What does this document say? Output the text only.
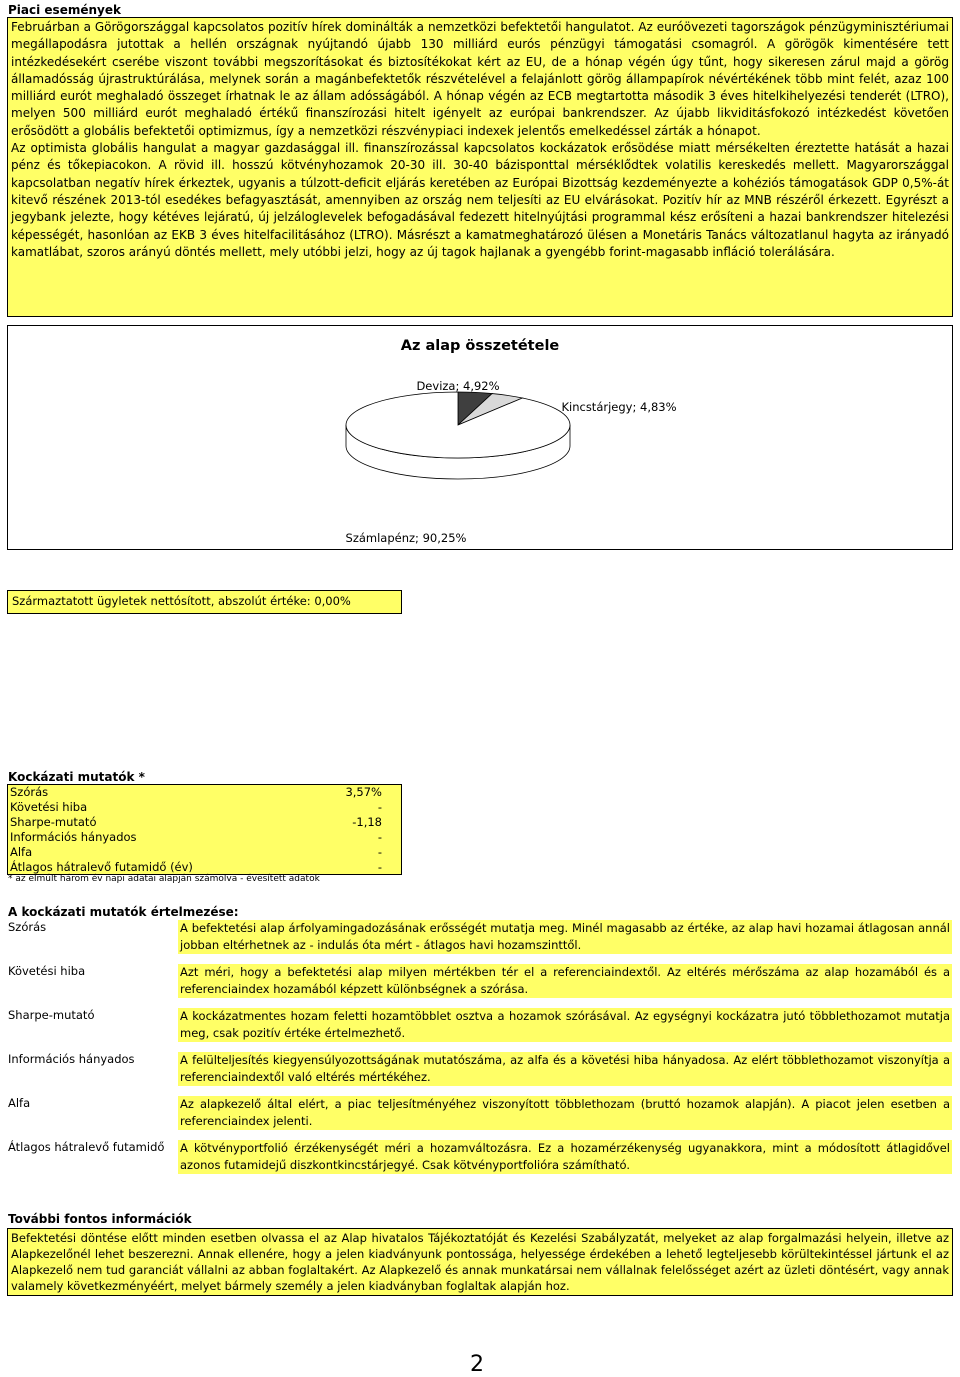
Piaci események

Februárban a Görögországgal kapcsolatos pozitív hírek dominálták a nemzetközi befektetői hangulatot. Az euróövezeti tagországok pénzügyminisztériumai megállapodásra jutottak a hellén országnak nyújtandó újabb 130 milliárd eurós pénzügyi támogatási csomagról. A görögök kimentésére tett intézkedésekért cserébe viszont további megszorításokat és biztosítékokat kért az EU, de a hónap végén úgy tűnt, hogy sikeresen zárul majd a görög államadósság újrastruktúrálása, melynek során a magánbefektetők részvételével a felajánlott görög állampapírok névértékének több mint felét, azaz 100 milliárd eurót meghaladó összeget írhatnak le az állam adósságából. A hónap végén az ECB megtartotta második 3 éves hitelkihelyezési tenderét (LTRO), melyen 500 milliárd eurót meghaladó értékű finanszírozási hitelt igényelt az európai bankrendszer. Az újabb likviditásfokozó intézkedést követően erősödött a globális befektetői optimizmus, így a nemzetközi részvénypiaci indexek jelentős emelkedéssel zárták a hónapot.

Az optimista globális hangulat a magyar gazdasággal ill. finanszírozással kapcsolatos kockázatok erősödése miatt mérsékelten éreztette hatását a hazai pénz és tőkepiacokon. A rövid ill. hosszú kötvényhozamok 20-30 ill. 30-40 bázisponttal mérséklődtek volatilis kereskedés mellett. Magyarországgal kapcsolatban negatív hírek érkeztek, ugyanis a túlzott-deficit eljárás keretében az Európai Bizottság kezdeményezte a kohéziós támogatások GDP 0,5%-át kitevő részének 2013-tól esedékes befagyasztását, amennyiben az ország nem teljesíti az EU elvárásokat. Pozitív hír az MNB részéről érkezett. Egyrészt a jegybank jelezte, hogy kétéves lejáratú, új jelzáloglevelek befogadásával fedezett hitelnyújtási programmal kész erősíteni a hazai bankrendszer hitelezési képességét, hasonlóan az EKB 3 éves hitelfacilitásához (LTRO). Másrészt a kamatmeghatározó ülésen a Monetáris Tanács változatlanul hagyta az irányadó kamatlábat, szoros arányú döntés mellett, mely utóbbi jelzi, hogy az új tagok hajlanak a gyengébb forint-magasabb infláció tolerálására.

Az alap összetétele
Deviza; 4,92%
Kincstárjegy; 4,83%
Számlapénz; 90,25%
Származtatott ügyletek nettósított, abszolút értéke: 0,00%
Kockázati mutatók *
Szórás	3,57%
Követési hiba	-
Sharpe-mutató	-1,18
Információs hányados	-
Alfa	-
Átlagos hátralevő futamidő (év)	-
* az elmúlt három év napi adatai alapján számolva - évesített adatok
A kockázati mutatók értelmezése:
Szórás	A befektetési alap árfolyamingadozásának erősségét mutatja meg. Minél magasabb az értéke, az alap havi hozamai átlagosan annál jobban eltérhetnek az - indulás óta mért - átlagos havi hozamszinttől.
Követési hiba	Azt méri, hogy a befektetési alap milyen mértékben tér el a referenciaindextől. Az eltérés mérőszáma az alap hozamából és a referenciaindex hozamából képzett különbségnek a szórása.
Sharpe-mutató	A kockázatmentes hozam feletti hozamtöbblet osztva a hozamok szórásával. Az egységnyi kockázatra jutó többlethozamot mutatja meg, csak pozitív értéke értelmezhető.
Információs hányados	A felülteljesítés kiegyensúlyozottságának mutatószáma, az alfa és a követési hiba hányadosa. Az elért többlethozamot viszonyítja a referenciaindextől való eltérés mértékéhez.
Alfa	Az alapkezelő által elért, a piac teljesítményéhez viszonyított többlethozam (bruttó hozamok alapján). A piacot jelen esetben a referenciaindex jelenti.
Átlagos hátralevő futamidő	A kötvényportfolió érzékenységét méri a hozamváltozásra. Ez a hozamérzékenység ugyanakkora, mint a módosított átlagidővel azonos futamidejű diszkontkincstárjegyé. Csak kötvényportfolióra számítható.
További fontos információk

Befektetési döntése előtt minden esetben olvassa el az Alap hivatalos Tájékoztatóját és Kezelési Szabályzatát, melyeket az alap forgalmazási helyein, illetve az Alapkezelőnél lehet beszerezni. Annak ellenére, hogy a jelen kiadványunk pontossága, helyessége érdekében a lehető legteljesebb körültekintéssel jártunk el az Alapkezelő nem tud garanciát vállalni az abban foglaltakért. Az Alapkezelő és annak munkatársai nem vállalnak felelősséget azért az üzleti döntésért, vagy annak valamely következményéért, melyet bármely személy a jelen kiadványban foglaltak alapján hoz.

2
